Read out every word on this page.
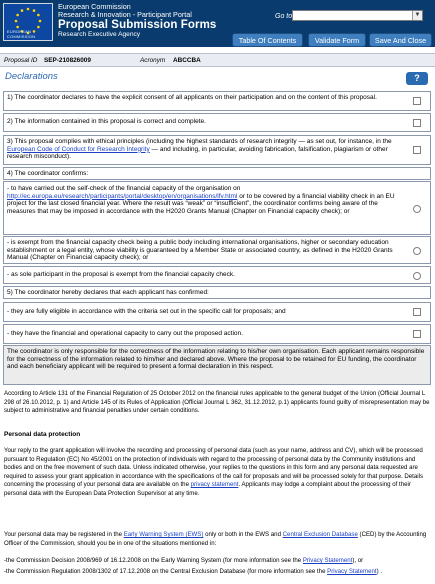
EUROPEAN COMMISSION
European Commission
Research & Innovation - Participant Portal
Proposal Submission Forms
Research Executive Agency
Go to	▼
Table Of Contents	Validate Form	Save And Close
Proposal ID SEP-210826009	Acronym ABCCBA
Declarations	?
1) The coordinator declares to have the explicit consent of all applicants on their participation and on the content of this proposal.
2) The information contained in this proposal is correct and complete.
3) This proposal complies with ethical principles (including the highest standards of research integrity — as set out, for instance, in the European Code of Conduct for Research Integrity — and including, in particular, avoiding fabrication, falsification, plagiarism or other research misconduct).
4) The coordinator confirms:
- to have carried out the self-check of the financial capacity of the organisation on http://ec.europa.eu/research/participants/portal/desktop/en/organisations/lfv.html or to be covered by a financial viability check in an EU project for the last closed financial year. Where the result was “weak” or “insufficient”, the coordinator confirms being aware of the measures that may be imposed in accordance with the H2020 Grants Manual (Chapter on Financial capacity check); or
- is exempt from the financial capacity check being a public body including international organisations, higher or secondary education establishment or a legal entity, whose viability is guaranteed by a Member State or associated country, as defined in the H2020 Grants Manual (Chapter on Financial capacity check); or
- as sole participant in the proposal is exempt from the financial capacity check.
5) The coordinator hereby declares that each applicant has confirmed:
- they are fully eligible in accordance with the criteria set out in the specific call for proposals; and
- they have the financial and operational capacity to carry out the proposed action.
The coordinator is only responsible for the correctness of the information relating to his/her own organisation. Each applicant remains responsible for the correctness of the information related to him/her and declared above. Where the proposal to be retained for EU funding, the coordinator and each beneficiary applicant will be required to present a formal declaration in this respect.
According to Article 131 of the Financial Regulation of 25 October 2012 on the financial rules applicable to the general budget of the Union (Official Journal L 298 of 26.10.2012, p. 1) and Article 145 of its Rules of Application (Official Journal L 362, 31.12.2012, p.1) applicants found guilty of misrepresentation may be subject to administrative and financial penalties under certain conditions.
Personal data protection
Your reply to the grant application will involve the recording and processing of personal data (such as your name, address and CV), which will be processed pursuant to Regulation (EC) No 45/2001 on the protection of individuals with regard to the processing of personal data by the Community institutions and bodies and on the free movement of such data. Unless indicated otherwise, your replies to the questions in this form and any personal data requested are required to assess your grant application in accordance with the specifications of the call for proposals and will be processed solely for that purpose. Details concerning the processing of your personal data are available on the privacy statement. Applicants may lodge a complaint about the processing of their personal data with the European Data Protection Supervisor at any time.
Your personal data may be registered in the Early Warning System (EWS) only or both in the EWS and Central Exclusion Database (CED) by the Accounting Officer of the Commission, should you be in one of the situations mentioned in:
-the Commission Decision 2008/969 of 16.12.2008 on the Early Warning System (for more information see the Privacy Statement), or
-the Commission Regulation 2008/1302 of 17.12.2008 on the Central Exclusion Database (for more information see the Privacy Statement) .
